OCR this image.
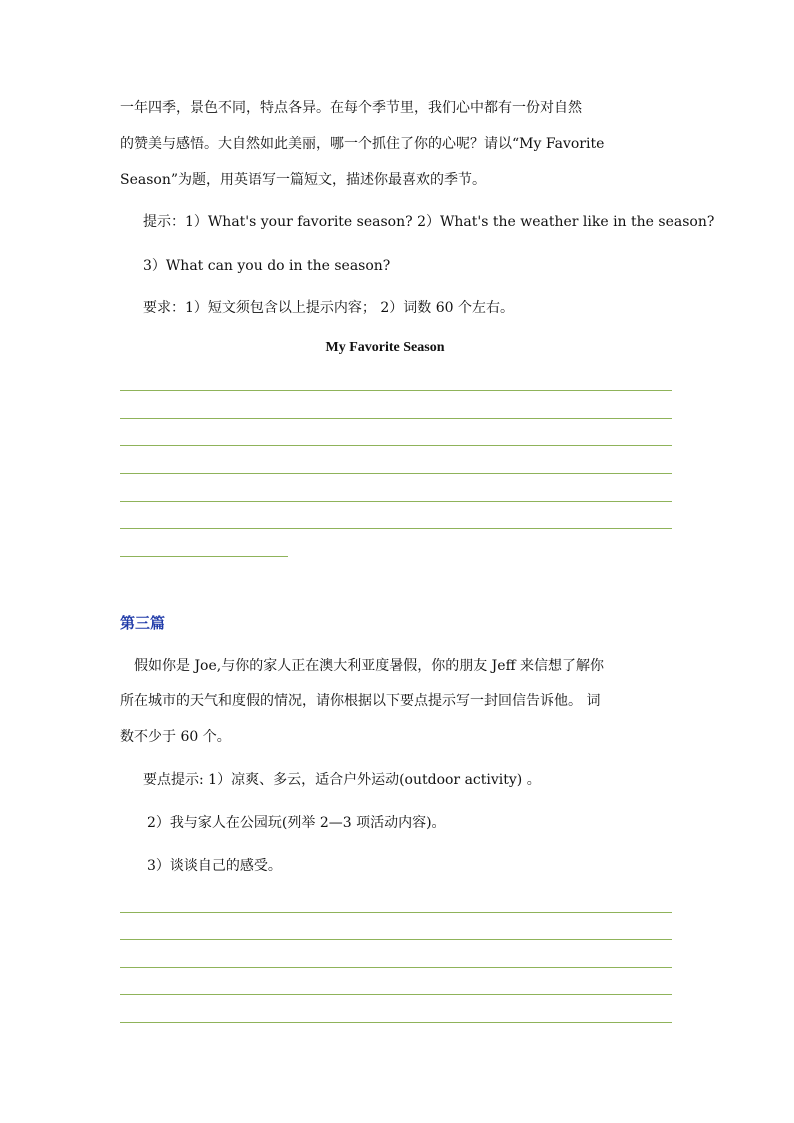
一年四季，景色不同，特点各异。在每个季节里，我们心中都有一份对自然
的赞美与感悟。大自然如此美丽，哪一个抓住了你的心呢？请以“My Favorite
Season”为题，用英语写一篇短文，描述你最喜欢的季节。
提示：1）What's your favorite season? 2）What's the weather like in the season?
3）What can you do in the season?
要求：1）短文须包含以上提示内容； 2）词数 60 个左右。
My Favorite Season
第三篇
假如你是 Joe,与你的家人正在澳大利亚度暑假，你的朋友 Jeff 来信想了解你
所在城市的天气和度假的情况，请你根据以下要点提示写一封回信告诉他。 词
数不少于 60 个。
要点提示: 1）凉爽、多云，适合户外运动(outdoor activity) 。
2）我与家人在公园玩(列举 2—3 项活动内容)。
3）谈谈自己的感受。
